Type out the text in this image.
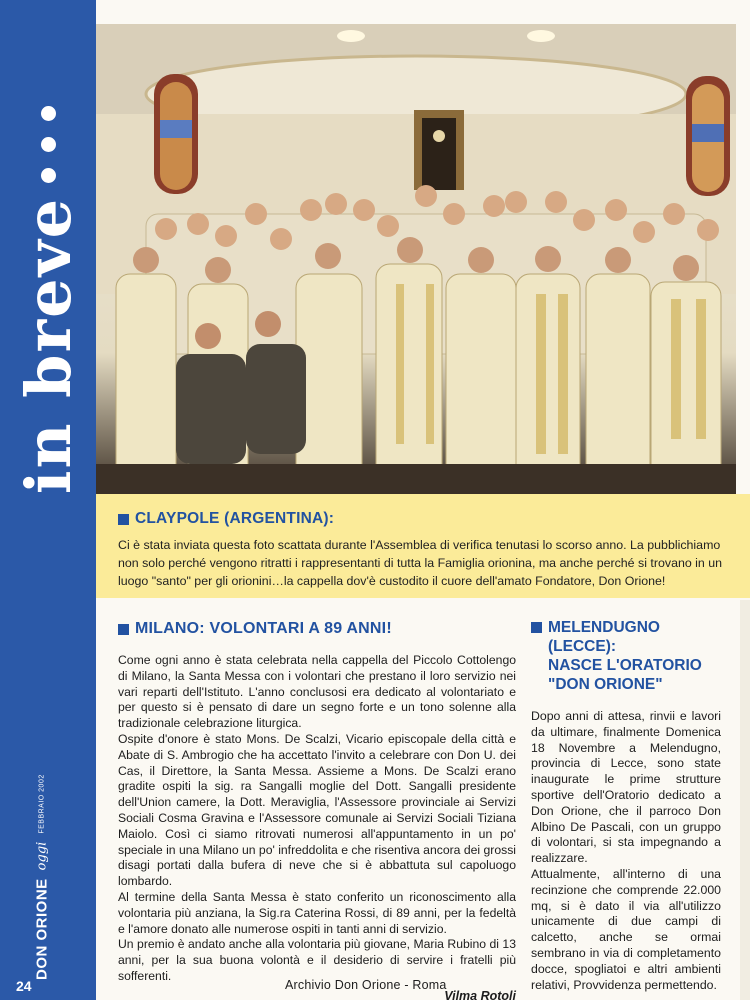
in breve
DON ORIONE
oggi
FEBBRAIO 2002
24
CLAYPOLE (ARGENTINA):
Ci è stata inviata questa foto scattata durante l'Assemblea di verifica tenutasi lo scorso anno. La pubblichiamo non solo perché vengono ritratti i rappresentanti di tutta la Famiglia orionina, ma anche perché si trovano in un luogo "santo" per gli orionini…la cappella dov'è custodito il cuore dell'amato Fondatore, Don Orione!
MILANO: VOLONTARI A 89 ANNI!

Come ogni anno è stata celebrata nella cappella del Piccolo Cottolengo di Milano, la Santa Messa con i volontari che prestano il loro servizio nei vari reparti dell'Istituto. L'anno conclusosi era dedicato al volontariato e per questo si è pensato di dare un segno forte e un tono solenne alla tradizionale celebrazione liturgica.

Ospite d'onore è stato Mons. De Scalzi, Vicario episcopale della città e Abate di S. Ambrogio che ha accettato l'invito a celebrare con Don U. dei Cas, il Direttore, la Santa Messa. Assieme a Mons. De Scalzi erano gradite ospiti la sig. ra Sangalli moglie del Dott. Sangalli presidente dell'Union camere, la Dott. Meraviglia, l'Assessore provinciale ai Servizi Sociali Cosma Gravina e l'Assessore comunale ai Servizi Sociali Tiziana Maiolo. Così ci siamo ritrovati numerosi all'appuntamento in un po' speciale in una Milano un po' infreddolita e che risentiva ancora dei grossi disagi portati dalla bufera di neve che si è abbattuta sul capoluogo lombardo.

Al termine della Santa Messa è stato conferito un riconoscimento alla volontaria più anziana, la Sig.ra Caterina Rossi, di 89 anni, per la fedeltà e l'amore donato alle numerose ospiti in tanti anni di servizio.

Un premio è andato anche alla volontaria più giovane, Maria Rubino di 13 anni, per la sua buona volontà e il desiderio di servire i fratelli più sofferenti.

Vilma Rotoli
MELENDUGNO
(LECCE):
NASCE L'ORATORIO
"DON ORIONE"

Dopo anni di attesa, rinvii e lavori da ultimare, finalmente Domenica 18 Novembre a Melendugno, provincia di Lecce, sono state inaugurate le prime strutture sportive dell'Oratorio dedicato a Don Orione, che il parroco Don Albino De Pascali, con un gruppo di volontari, si sta impegnando a realizzare.

Attualmente, all'interno di una recinzione che comprende 22.000 mq, si è dato il via all'utilizzo unicamente di due campi di calcetto, anche se ormai sembrano in via di completamento docce, spogliatoi e altri ambienti relativi, Provvidenza permettendo.

Archivio Don Orione - Roma
